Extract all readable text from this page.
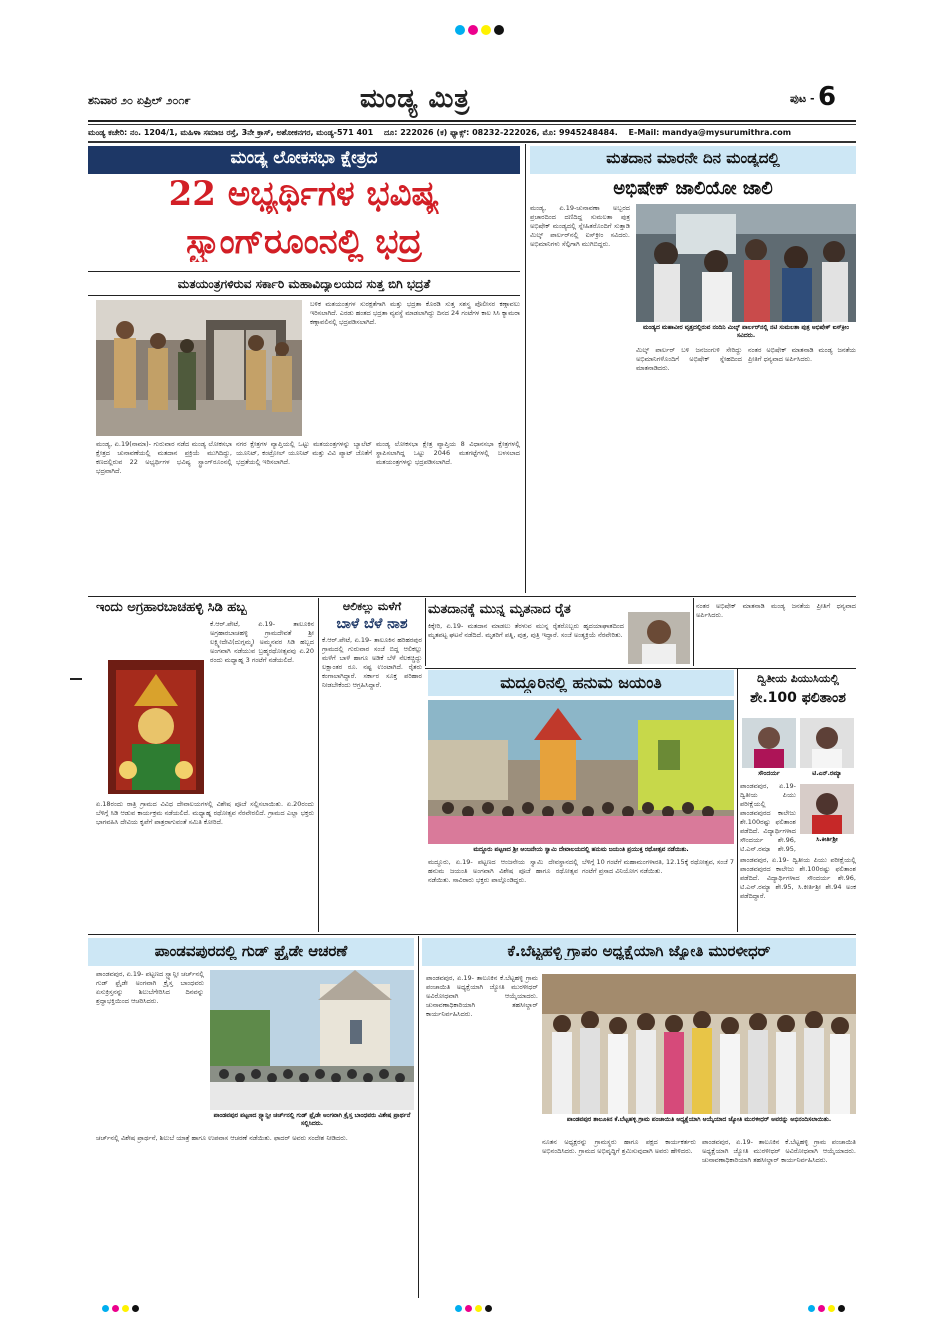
ಶನಿವಾರ ೨೦ ಏಪ್ರಿಲ್ ೨೦೧೯	ಮಂಡ್ಯ ಮಿತ್ರ	ಪುಟ - 6
ಮಂಡ್ಯ ಕಚೇರಿ: ನಂ. 1204/1, ಮಹಿಳಾ ಸಮಾಜ ರಸ್ತೆ, 3ನೇ ಕ್ರಾಸ್, ಅಶೋಕನಗರ, ಮಂಡ್ಯ-571 401 ದೂ: 222026 (ಕ) ಫ್ಯಾಕ್ಸ್: 08232-222026, ಮೊ: 9945248484. E-Mail: mandya@mysurumithra.com
ಮಂಡ್ಯ ಲೋಕಸಭಾ ಕ್ಷೇತ್ರದ
22 ಅಭ್ಯರ್ಥಿಗಳ ಭವಿಷ್ಯ
ಸ್ಟ್ರಾಂಗ್‌ರೂಂನಲ್ಲಿ ಭದ್ರ
ಮತಯಂತ್ರಗಳಿರುವ ಸರ್ಕಾರಿ ಮಹಾವಿದ್ಯಾಲಯದ ಸುತ್ತ ಬಿಗಿ ಭದ್ರತೆ
ಬಳಿಕ ಮತಯಂತ್ರಗಳ ಸುರಕ್ಷತೆಗಾಗಿ ಮತ್ತು ಭದ್ರತಾ ಕೊಠಡಿ ಸುತ್ತ ಸಶಸ್ತ್ರ ಪೊಲೀಸರ ಕಣ್ಗಾವಲು ಇರಿಸಲಾಗಿದೆ. ಎರಡು ಹಂತದ ಭದ್ರತಾ ವ್ಯವಸ್ಥೆ ಮಾಡಲಾಗಿದ್ದು ದಿನದ 24 ಗಂಟೆಗಳ ಕಾಲ ಸಿಸಿ ಕ್ಯಾಮರಾ ಕಣ್ಗಾವಲಿನಲ್ಲಿ ಭದ್ರಪಡಿಸಲಾಗಿದೆ.
ಮಂಡ್ಯ, ಏ.19(ನಾಮಾ)- ಗುರುವಾರ ನಡೆದ ಮಂಡ್ಯ ಲೋಕಸಭಾ ಕ್ಷೇತ್ರದ ಚುನಾವಣೆಯಲ್ಲಿ ಮತದಾನ ಪ್ರಕ್ರಿಯೆ ಮುಗಿದಿದ್ದು, ಕಣದಲ್ಲಿರುವ 22 ಅಭ್ಯರ್ಥಿಗಳ ಭವಿಷ್ಯ ಸ್ಟ್ರಾಂಗ್‌ರೂಂನಲ್ಲಿ ಭದ್ರವಾಗಿದೆ.
ನಗರ ಕ್ಷೇತ್ರಗಳ ವ್ಯಾಪ್ತಿಯಲ್ಲಿ ಒಟ್ಟು ಮತಯಂತ್ರಗಳನ್ನು ಬ್ಯಾಲೆಟ್ ಯೂನಿಟ್, ಕಂಟ್ರೋಲ್ ಯೂನಿಟ್ ಮತ್ತು ವಿವಿ ಪ್ಯಾಟ್ ಜೊತೆಗೆ ಭದ್ರತೆಯಲ್ಲಿ ಇರಿಸಲಾಗಿದೆ.
ಮಂಡ್ಯ ಲೋಕಸಭಾ ಕ್ಷೇತ್ರ ವ್ಯಾಪ್ತಿಯ 8 ವಿಧಾನಸಭಾ ಕ್ಷೇತ್ರಗಳಲ್ಲಿ ಸ್ಥಾಪಿಸಲಾಗಿದ್ದ ಒಟ್ಟು 2046 ಮತಗಟ್ಟೆಗಳಲ್ಲಿ ಬಳಸಲಾದ ಮತಯಂತ್ರಗಳನ್ನು ಭದ್ರಪಡಿಸಲಾಗಿದೆ.
ಮತದಾನ ಮಾರನೇ ದಿನ ಮಂಡ್ಯದಲ್ಲಿ
ಅಭಿಷೇಕ್ ಜಾಲಿಯೋ ಜಾಲಿ
ಮಂಡ್ಯ, ಏ.19-ಚುನಾವಣಾ ಅಬ್ಬರದ ಪ್ರಚಾರದಿಂದ ದಣಿದಿದ್ದ ಸುಮಲತಾ ಪುತ್ರ ಅಭಿಷೇಕ್ ಮಂಡ್ಯದಲ್ಲಿ ಸ್ನೇಹಿತರೊಂದಿಗೆ ಸುತ್ತಾಡಿ ಮಿಲ್ಕ್ ಪಾರ್ಲರ್‌ನಲ್ಲಿ ಐಸ್‌ಕ್ರೀಂ ಸವಿದರು. ಅಭಿಮಾನಿಗಳು ಸೆಲ್ಫಿಗಾಗಿ ಮುಗಿಬಿದ್ದರು.
ಮಂಡ್ಯದ ಮಹಾವೀರ ವೃತ್ತದಲ್ಲಿರುವ ನಂದಿನಿ ಮಿಲ್ಕ್ ಪಾರ್ಲರ್‌ನಲ್ಲಿ ನಟಿ ಸುಮಲತಾ ಪುತ್ರ ಅಭಿಷೇಕ್ ಐಸ್‌ಕ್ರೀಂ ಸವಿದರು.
ಮಿಲ್ಕ್ ಪಾರ್ಲರ್ ಬಳಿ ಜನಜಂಗುಳಿ ಸೇರಿದ್ದು ಅಭಿಮಾನಿಗಳೊಂದಿಗೆ ಅಭಿಷೇಕ್ ಸ್ನೇಹದಿಂದ ಮಾತನಾಡಿದರು.
ನಂತರ ಅಭಿಷೇಕ್ ಮಾತನಾಡಿ ಮಂಡ್ಯ ಜನತೆಯ ಪ್ರೀತಿಗೆ ಧನ್ಯವಾದ ಅರ್ಪಿಸಿದರು.
ಇಂದು ಅಗ್ರಹಾರಬಾಚಹಳ್ಳಿ ಸಿಡಿ ಹಬ್ಬ
ಕೆ.ಆರ್.ಪೇಟೆ, ಏ.19- ತಾಲೂಕಿನ ಅಗ್ರಹಾರಬಾಚಹಳ್ಳಿ ಗ್ರಾಮದೇವತೆ ಶ್ರೀ ಲಕ್ಷ್ಮೀದೇವಿ(ದುಗ್ಗಮ್ಮ) ಅಮ್ಮನವರ ಸಿಡಿ ಹಬ್ಬದ ಅಂಗವಾಗಿ ನಡೆಯುವ ಬ್ರಹ್ಮರಥೋತ್ಸವವು ಏ.20 ರಂದು ಮಧ್ಯಾಹ್ನ 3 ಗಂಟೆಗೆ ನಡೆಯಲಿದೆ.
ಏ.18ರಂದು ರಾತ್ರಿ ಗ್ರಾಮದ ವಿವಿಧ ದೇವಾಲಯಗಳಲ್ಲಿ ವಿಶೇಷ ಪೂಜೆ ಸಲ್ಲಿಸಲಾಯಿತು. ಏ.20ರಂದು ಬೆಳಿಗ್ಗೆ ಸಿಡಿ ಆಡುವ ಕಾರ್ಯಕ್ರಮ ನಡೆಯಲಿದೆ. ಮಧ್ಯಾಹ್ನ ರಥೋತ್ಸವ ನೆರವೇರಲಿದೆ. ಗ್ರಾಮದ ಎಲ್ಲಾ ಭಕ್ತರು ಭಾಗವಹಿಸಿ ದೇವಿಯ ಕೃಪೆಗೆ ಪಾತ್ರರಾಗುವಂತೆ ಸಮಿತಿ ಕೋರಿದೆ.
ಆಲಿಕಲ್ಲು ಮಳೆಗೆ
ಬಾಳೆ ಬೆಳೆ ನಾಶ
ಕೆ.ಆರ್.ಪೇಟೆ, ಏ.19- ತಾಲೂಕಿನ ಹರಿಹರಪುರ ಗ್ರಾಮದಲ್ಲಿ ಗುರುವಾರ ಸಂಜೆ ಬಿದ್ದ ಆಲಿಕಲ್ಲು ಮಳೆಗೆ ಬಾಳೆ ಹಾಗೂ ಅಡಿಕೆ ಬೆಳೆ ನೆಲಕಚ್ಚಿದ್ದು ಲಕ್ಷಾಂತರ ರೂ. ನಷ್ಟ ಉಂಟಾಗಿದೆ. ರೈತರು ಕಂಗಾಲಾಗಿದ್ದಾರೆ. ಸರ್ಕಾರ ಸೂಕ್ತ ಪರಿಹಾರ ನೀಡಬೇಕೆಂದು ಆಗ್ರಹಿಸಿದ್ದಾರೆ.
ಮತದಾನಕ್ಕೆ ಮುನ್ನ ಮೃತನಾದ ರೈತ
ಕಿಕ್ಕೇರಿ, ಏ.19- ಮತದಾನ ಮಾಡಲು ತೆರಳುವ ಮುನ್ನ ರೈತರೊಬ್ಬರು ಹೃದಯಾಘಾತದಿಂದ ಮೃತಪಟ್ಟ ಘಟನೆ ನಡೆದಿದೆ. ಮೃತರಿಗೆ ಪತ್ನಿ, ಪುತ್ರ, ಪುತ್ರಿ ಇದ್ದಾರೆ. ಸಂಜೆ ಅಂತ್ಯಕ್ರಿಯೆ ನೆರವೇರಿತು.
ನಂತರ ಅಭಿಷೇಕ್ ಮಾತನಾಡಿ ಮಂಡ್ಯ ಜನತೆಯ ಪ್ರೀತಿಗೆ ಧನ್ಯವಾದ ಅರ್ಪಿಸಿದರು.
ಮದ್ದೂರಿನಲ್ಲಿ ಹನುಮ ಜಯಂತಿ
ಮದ್ದೂರು ಪಟ್ಟಣದ ಶ್ರೀ ಆಂಜನೇಯ ಸ್ವಾಮಿ ದೇವಾಲಯದಲ್ಲಿ ಹನುಮ ಜಯಂತಿ ಪ್ರಯುಕ್ತ ರಥೋತ್ಸವ ನಡೆಯಿತು.
ಮದ್ದೂರು, ಏ.19- ಪಟ್ಟಣದ ಆಂಜನೇಯ ಸ್ವಾಮಿ ದೇವಸ್ಥಾನದಲ್ಲಿ ಹನುಮ ಜಯಂತಿ ಅಂಗವಾಗಿ ವಿಶೇಷ ಪೂಜೆ ಹಾಗೂ ರಥೋತ್ಸವ ನಡೆಯಿತು. ಸಾವಿರಾರು ಭಕ್ತರು ಪಾಲ್ಗೊಂಡಿದ್ದರು.
ಬೆಳಿಗ್ಗೆ 10 ಗಂಟೆಗೆ ಮಹಾಮಂಗಳಾರತಿ, 12.15ಕ್ಕೆ ರಥೋತ್ಸವ, ಸಂಜೆ 7 ಗಂಟೆಗೆ ಪ್ರಸಾದ ವಿನಿಯೋಗ ನಡೆಯಿತು.
ದ್ವಿತೀಯ ಪಿಯುಸಿಯಲ್ಲಿ
ಶೇ.100 ಫಲಿತಾಂಶ
ಸೌಂದರ್ಯ	ಟಿ.ಎನ್.ರಮ್ಯಾ
ಪಾಂಡವಪುರ, ಏ.19- ದ್ವಿತೀಯ ಪಿಯು ಪರೀಕ್ಷೆಯಲ್ಲಿ ಪಾಂಡವಪುರದ ಕಾಲೇಜು ಶೇ.100ರಷ್ಟು ಫಲಿತಾಂಶ ಪಡೆದಿದೆ. ವಿದ್ಯಾರ್ಥಿಗಳಾದ ಸೌಂದರ್ಯ ಶೇ.96, ಟಿ.ಎನ್.ರಮ್ಯಾ ಶೇ.95,
ಸಿ.ಕೀರ್ತಿಶ್ರೀ
ಪಾಂಡವಪುರ, ಏ.19- ದ್ವಿತೀಯ ಪಿಯು ಪರೀಕ್ಷೆಯಲ್ಲಿ ಪಾಂಡವಪುರದ ಕಾಲೇಜು ಶೇ.100ರಷ್ಟು ಫಲಿತಾಂಶ ಪಡೆದಿದೆ. ವಿದ್ಯಾರ್ಥಿಗಳಾದ ಸೌಂದರ್ಯ ಶೇ.96, ಟಿ.ಎನ್.ರಮ್ಯಾ ಶೇ.95, ಸಿ.ಕೀರ್ತಿಶ್ರೀ ಶೇ.94 ಅಂಕ ಪಡೆದಿದ್ದಾರೆ.
ಪಾಂಡವಪುರದಲ್ಲಿ ಗುಡ್ ಫ್ರೈಡೇ ಆಚರಣೆ
ಪಾಂಡವಪುರ, ಏ.19- ಪಟ್ಟಣದ ಸ್ಟ್ಯಾನ್ಲೀ ಚರ್ಚ್‌ನಲ್ಲಿ ಗುಡ್ ಫ್ರೈಡೇ ಅಂಗವಾಗಿ ಕ್ರೈಸ್ತ ಬಾಂಧವರು ಏಸುಕ್ರಿಸ್ತನನ್ನು ಶಿಲುಬೆಗೇರಿಸಿದ ದಿನವನ್ನು ಶ್ರದ್ಧಾಭಕ್ತಿಯಿಂದ ಆಚರಿಸಿದರು.
ಪಾಂಡವಪುರ ಪಟ್ಟಣದ ಸ್ಟ್ಯಾನ್ಲೀ ಚರ್ಚ್‌ನಲ್ಲಿ ಗುಡ್ ಫ್ರೈಡೇ ಅಂಗವಾಗಿ ಕ್ರೈಸ್ತ ಬಾಂಧವರು ವಿಶೇಷ ಪ್ರಾರ್ಥನೆ ಸಲ್ಲಿಸಿದರು.
ಚರ್ಚ್‌ನಲ್ಲಿ ವಿಶೇಷ ಪ್ರಾರ್ಥನೆ, ಶಿಲುಬೆ ಯಾತ್ರೆ ಹಾಗೂ ಉಪವಾಸ ಆಚರಣೆ ನಡೆಯಿತು. ಫಾದರ್ ಅವರು ಸಂದೇಶ ನೀಡಿದರು.
ಕೆ.ಬೆಟ್ಟಹಳ್ಳಿ ಗ್ರಾಪಂ ಅಧ್ಯಕ್ಷೆಯಾಗಿ ಜ್ಯೋತಿ ಮುರಳೀಧರ್
ಪಾಂಡವಪುರ, ಏ.19- ತಾಲೂಕಿನ ಕೆ.ಬೆಟ್ಟಹಳ್ಳಿ ಗ್ರಾಮ ಪಂಚಾಯಿತಿ ಅಧ್ಯಕ್ಷೆಯಾಗಿ ಜ್ಯೋತಿ ಮುರಳೀಧರ್ ಅವಿರೋಧವಾಗಿ ಆಯ್ಕೆಯಾದರು. ಚುನಾವಣಾಧಿಕಾರಿಯಾಗಿ ತಹಸೀಲ್ದಾರ್ ಕಾರ್ಯನಿರ್ವಹಿಸಿದರು.
ಪಾಂಡವಪುರ ತಾಲೂಕಿನ ಕೆ.ಬೆಟ್ಟಹಳ್ಳಿ ಗ್ರಾಮ ಪಂಚಾಯಿತಿ ಅಧ್ಯಕ್ಷೆಯಾಗಿ ಆಯ್ಕೆಯಾದ ಜ್ಯೋತಿ ಮುರಳೀಧರ್ ಅವರನ್ನು ಅಭಿನಂದಿಸಲಾಯಿತು.
ನೂತನ ಅಧ್ಯಕ್ಷರನ್ನು ಗ್ರಾಮಸ್ಥರು ಹಾಗೂ ಪಕ್ಷದ ಕಾರ್ಯಕರ್ತರು ಅಭಿನಂದಿಸಿದರು. ಗ್ರಾಮದ ಅಭಿವೃದ್ಧಿಗೆ ಶ್ರಮಿಸುವುದಾಗಿ ಅವರು ಹೇಳಿದರು.
ಪಾಂಡವಪುರ, ಏ.19- ತಾಲೂಕಿನ ಕೆ.ಬೆಟ್ಟಹಳ್ಳಿ ಗ್ರಾಮ ಪಂಚಾಯಿತಿ ಅಧ್ಯಕ್ಷೆಯಾಗಿ ಜ್ಯೋತಿ ಮುರಳೀಧರ್ ಅವಿರೋಧವಾಗಿ ಆಯ್ಕೆಯಾದರು. ಚುನಾವಣಾಧಿಕಾರಿಯಾಗಿ ತಹಸೀಲ್ದಾರ್ ಕಾರ್ಯನಿರ್ವಹಿಸಿದರು.
